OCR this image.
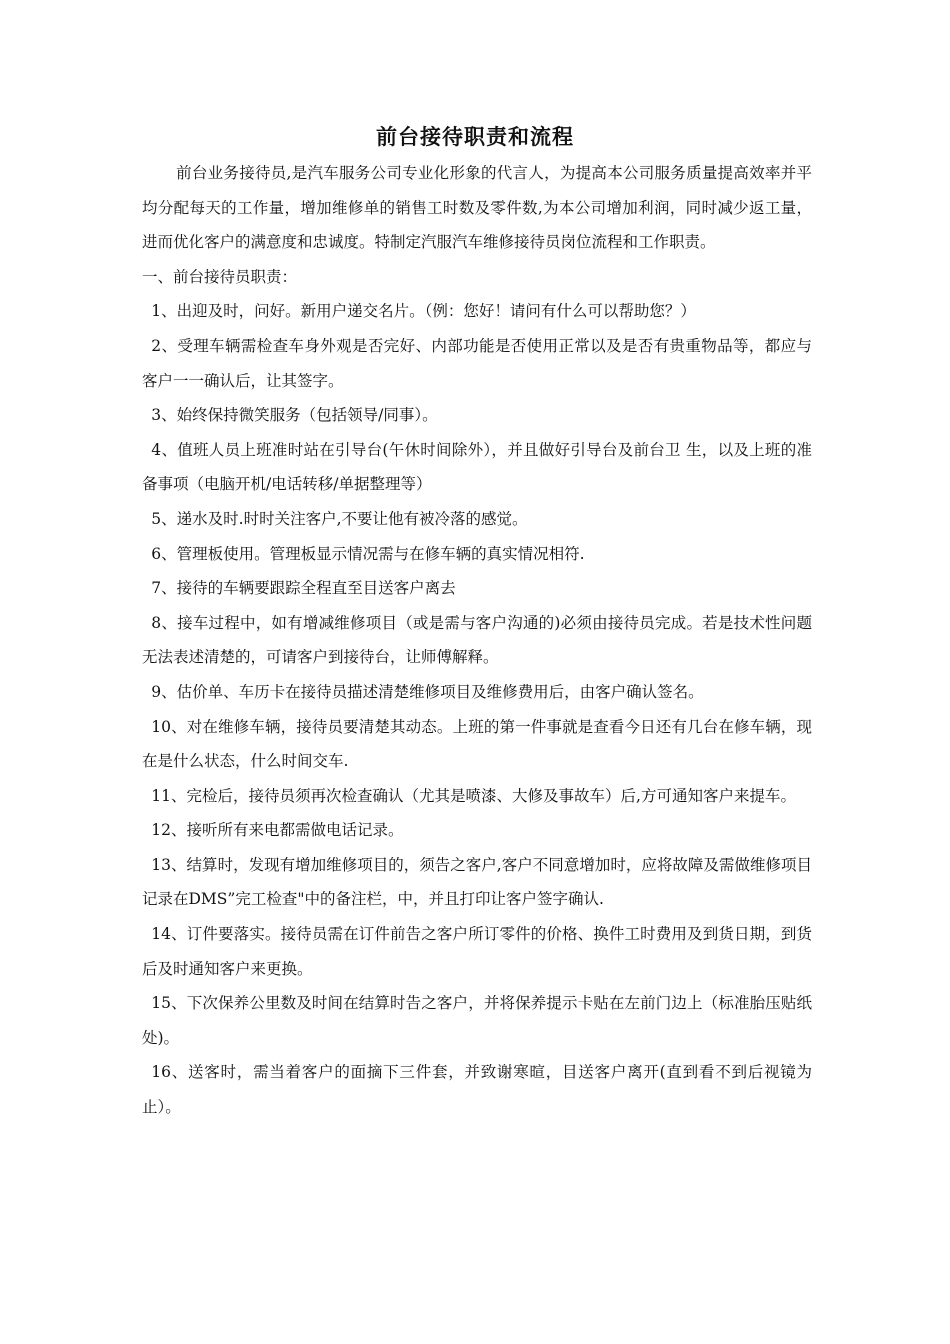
前台接待职责和流程

前台业务接待员,是汽车服务公司专业化形象的代言人，为提高本公司服务质量提高效率并平均分配每天的工作量，增加维修单的销售工时数及零件数,为本公司增加利润，同时减少返工量，进而优化客户的满意度和忠诚度。特制定汽服汽车维修接待员岗位流程和工作职责。

一、前台接待员职责：

1、出迎及时，问好。新用户递交名片。（例：您好！请问有什么可以帮助您？）

2、受理车辆需检查车身外观是否完好、内部功能是否使用正常以及是否有贵重物品等，都应与客户一一确认后，让其签字。

3、始终保持微笑服务（包括领导/同事）。

4、值班人员上班准时站在引导台(午休时间除外），并且做好引导台及前台卫 生，以及上班的准备事项（电脑开机/电话转移/单据整理等）

5、递水及时.时时关注客户,不要让他有被冷落的感觉。

6、管理板使用。管理板显示情况需与在修车辆的真实情况相符.

7、接待的车辆要跟踪全程直至目送客户离去

8、接车过程中，如有增减维修项目（或是需与客户沟通的)必须由接待员完成。若是技术性问题无法表述清楚的，可请客户到接待台，让师傅解释。

9、估价单、车历卡在接待员描述清楚维修项目及维修费用后，由客户确认签名。

10、对在维修车辆，接待员要清楚其动态。上班的第一件事就是查看今日还有几台在修车辆，现在是什么状态，什么时间交车.

11、完检后，接待员须再次检查确认（尤其是喷漆、大修及事故车）后,方可通知客户来提车。

12、接听所有来电都需做电话记录。

13、结算时，发现有增加维修项目的，须告之客户,客户不同意增加时，应将故障及需做维修项目记录在DMS”完工检查"中的备注栏，中，并且打印让客户签字确认.

14、订件要落实。接待员需在订件前告之客户所订零件的价格、换件工时费用及到货日期，到货后及时通知客户来更换。

15、下次保养公里数及时间在结算时告之客户，并将保养提示卡贴在左前门边上（标准胎压贴纸处)。

16、送客时，需当着客户的面摘下三件套，并致谢寒暄，目送客户离开(直到看不到后视镜为止）。
